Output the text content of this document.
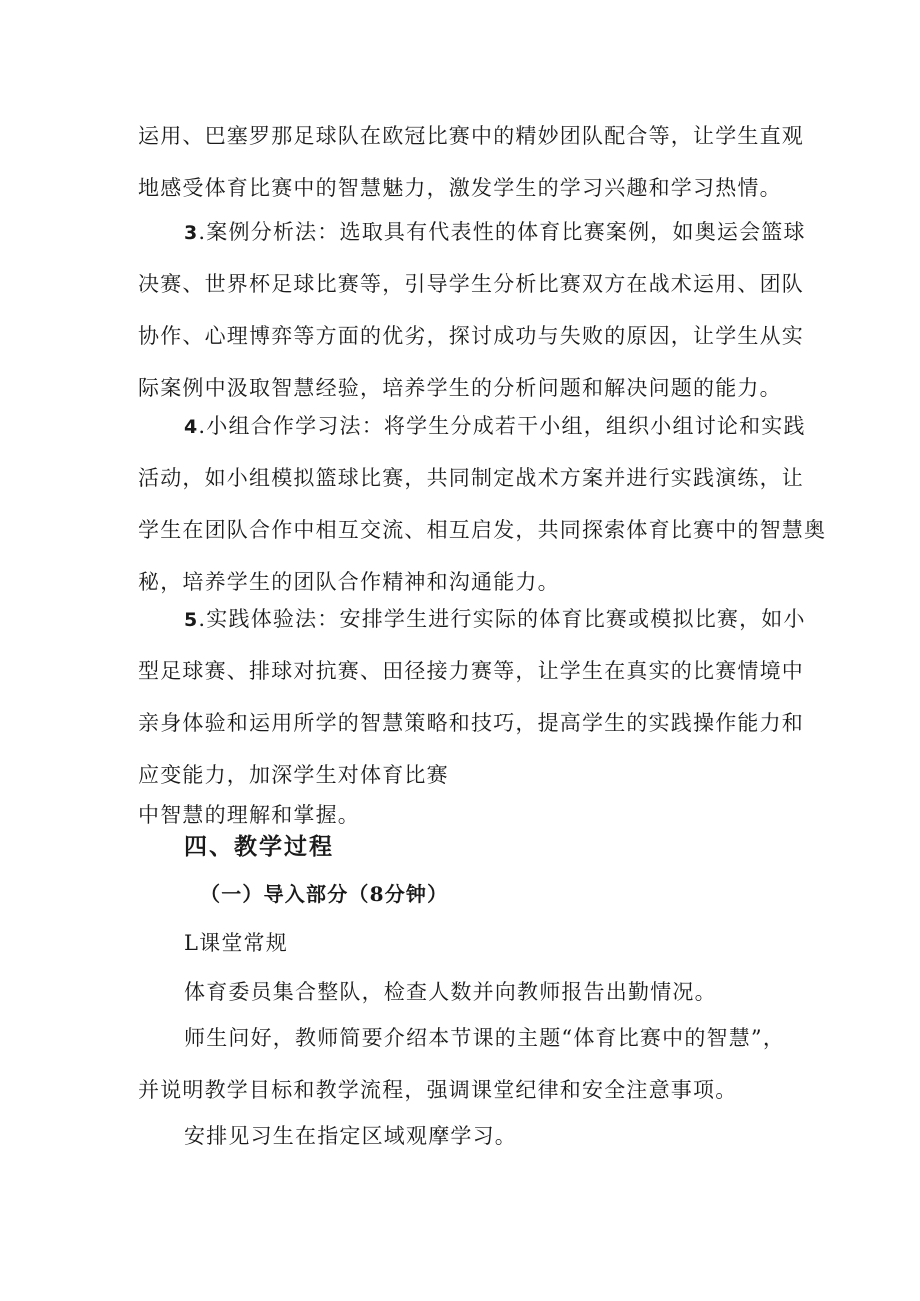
运用、巴塞罗那足球队在欧冠比赛中的精妙团队配合等，让学生直观
地感受体育比赛中的智慧魅力，激发学生的学习兴趣和学习热情。
3.案例分析法：选取具有代表性的体育比赛案例，如奥运会篮球
决赛、世界杯足球比赛等，引导学生分析比赛双方在战术运用、团队
协作、心理博弈等方面的优劣，探讨成功与失败的原因，让学生从实
际案例中汲取智慧经验，培养学生的分析问题和解决问题的能力。
4.小组合作学习法：将学生分成若干小组，组织小组讨论和实践
活动，如小组模拟篮球比赛，共同制定战术方案并进行实践演练，让
学生在团队合作中相互交流、相互启发，共同探索体育比赛中的智慧奥
秘，培养学生的团队合作精神和沟通能力。
5.实践体验法：安排学生进行实际的体育比赛或模拟比赛，如小
型足球赛、排球对抗赛、田径接力赛等，让学生在真实的比赛情境中
亲身体验和运用所学的智慧策略和技巧，提高学生的实践操作能力和
应变能力，加深学生对体育比赛
中智慧的理解和掌握。
四、教学过程
（一）导入部分（8分钟）

L课堂常规

体育委员集合整队，检查人数并向教师报告出勤情况。

师生问好，教师简要介绍本节课的主题“体育比赛中的智慧”，
并说明教学目标和教学流程，强调课堂纪律和安全注意事项。

安排见习生在指定区域观摩学习。
